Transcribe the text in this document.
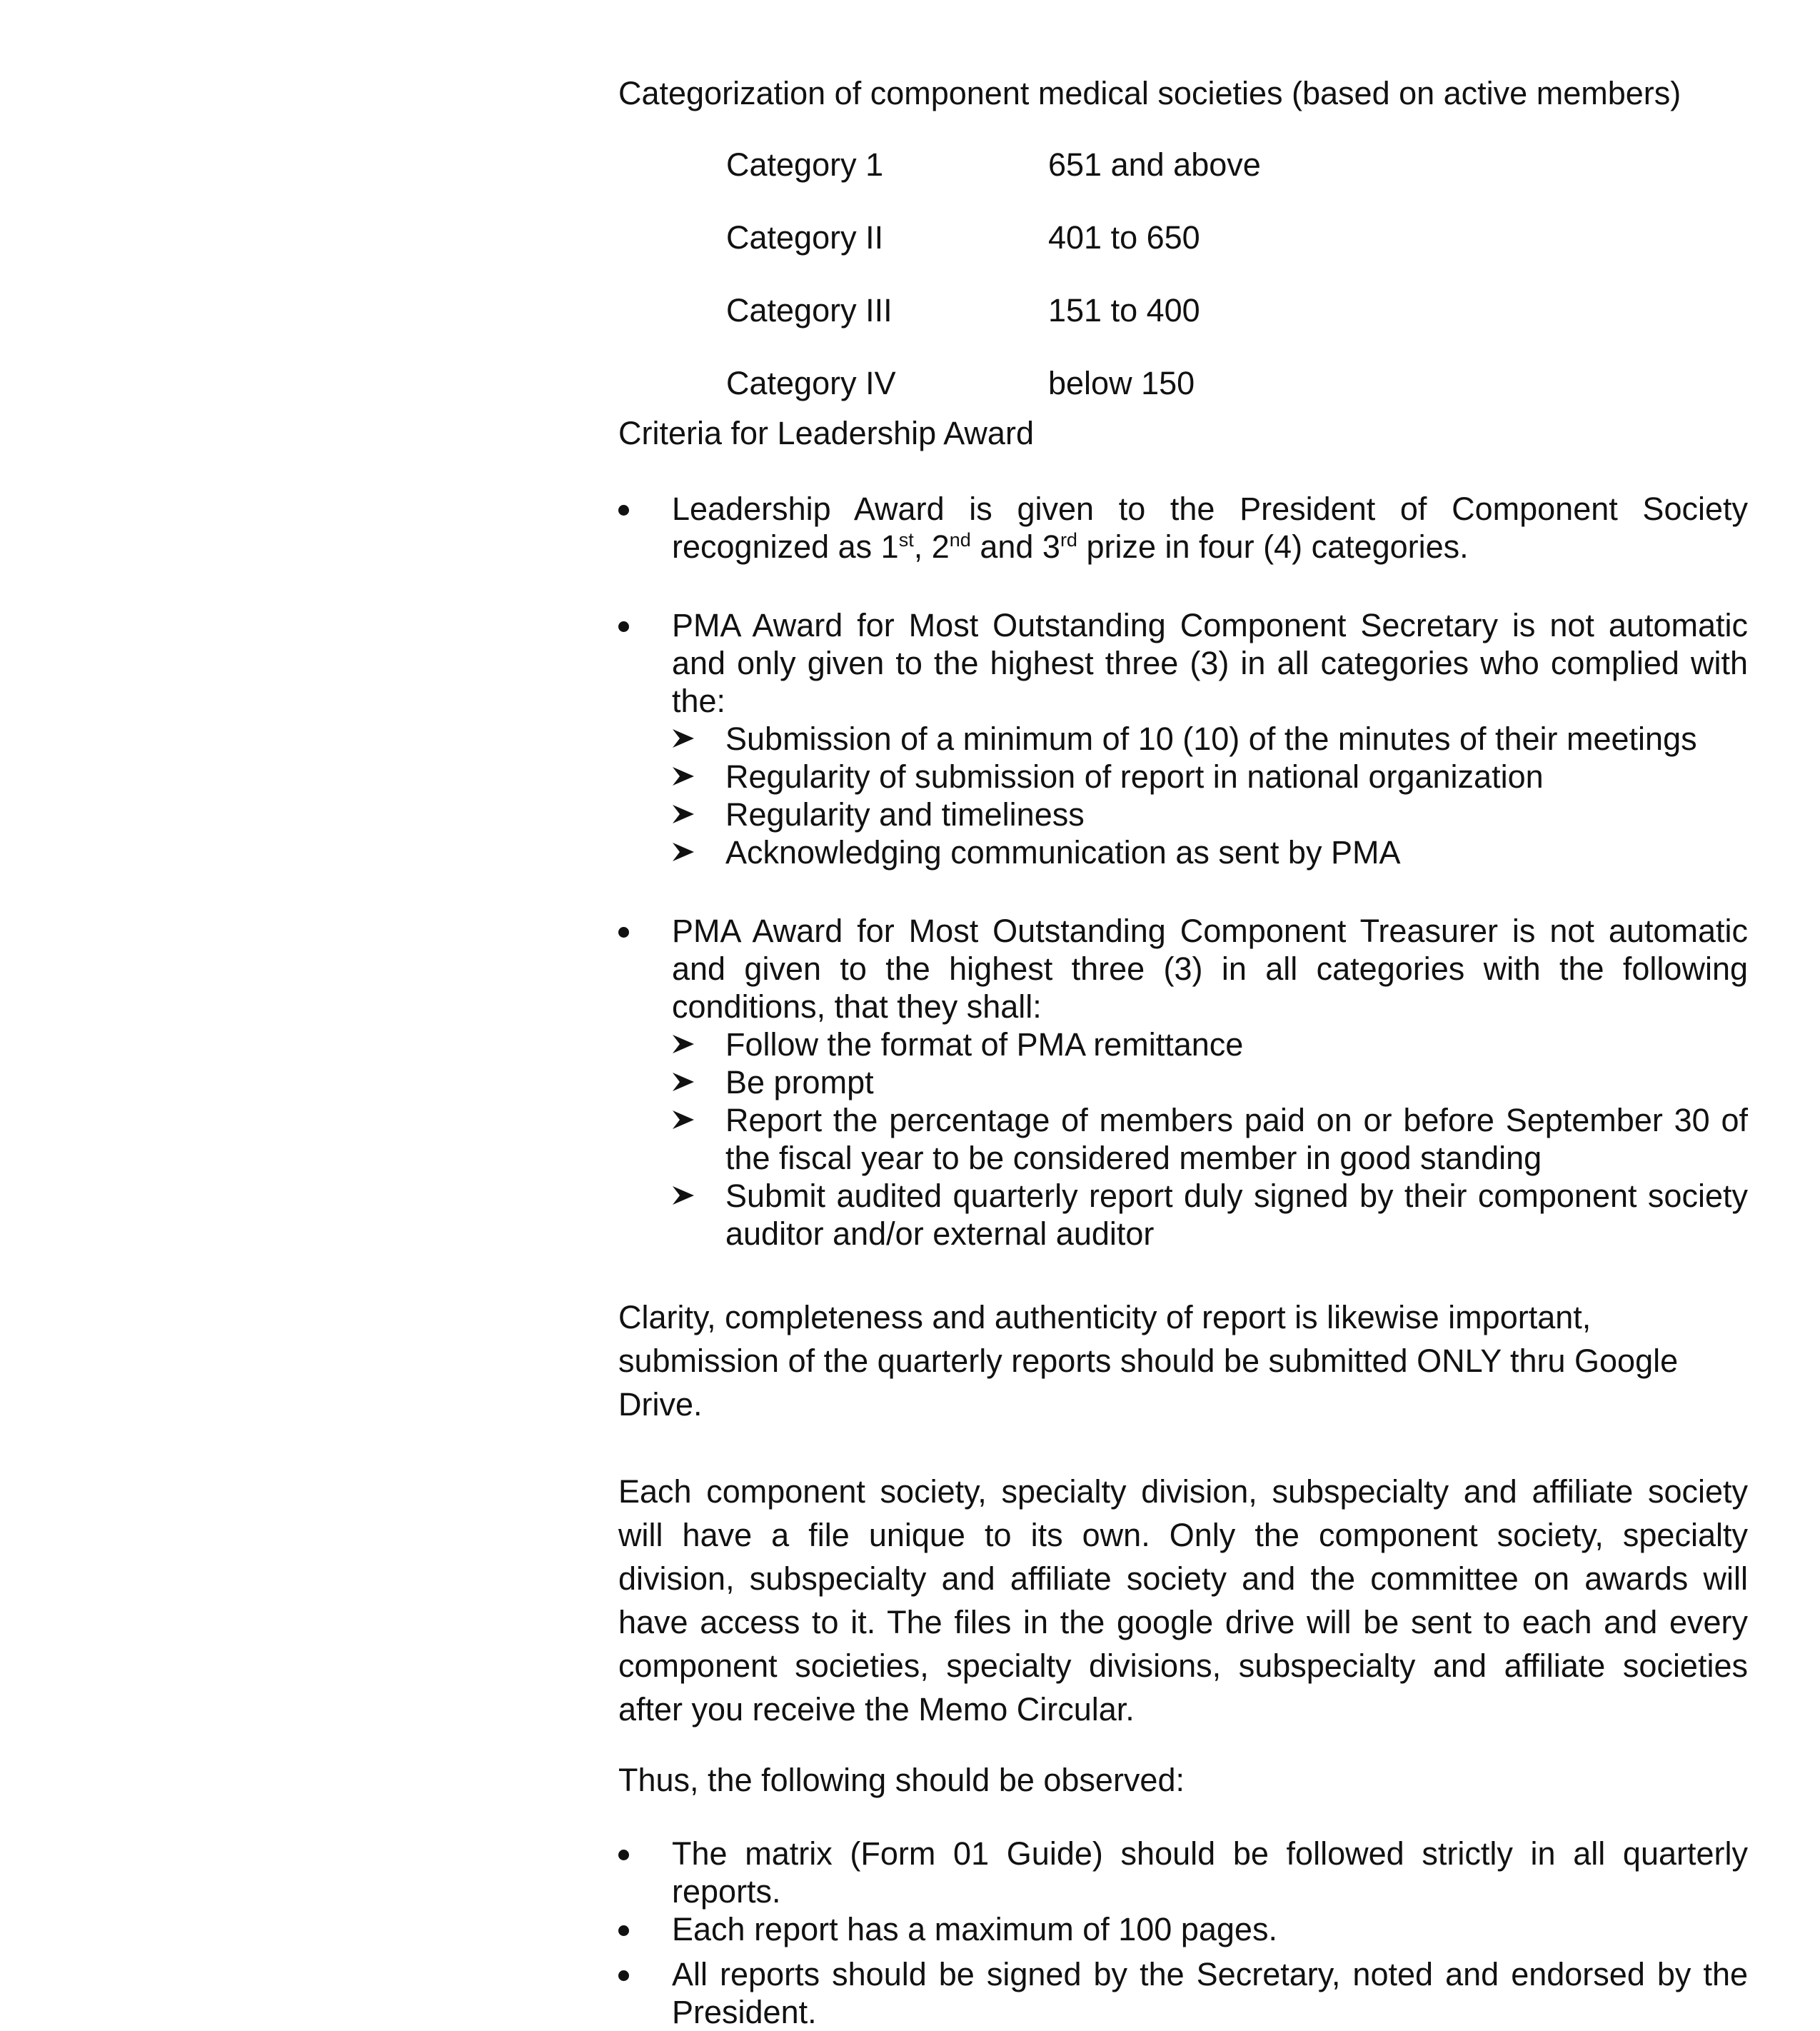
Categorization of component medical societies (based on active members)

Category 1	651 and above
Category II	401 to 650
Category III	151 to 400
Category IV	below 150

Criteria for Leadership Award

Leadership Award is given to the President of Component Society recognized as 1st, 2nd and 3rd prize in four (4) categories.
PMA Award for Most Outstanding Component Secretary is not automatic and only given to the highest three (3) in all categories who complied with the:
Submission of a minimum of 10 (10) of the minutes of their meetings
Regularity of submission of report in national organization
Regularity and timeliness
Acknowledging communication as sent by PMA
PMA Award for Most Outstanding Component Treasurer is not automatic and given to the highest three (3) in all categories with the following conditions, that they shall:
Follow the format of PMA remittance
Be prompt
Report the percentage of members paid on or before September 30 of the fiscal year to be considered member in good standing
Submit audited quarterly report duly signed by their component society auditor and/or external auditor

Clarity, completeness and authenticity of report is likewise important, submission of the quarterly reports should be submitted ONLY thru Google Drive.

Each component society, specialty division, subspecialty and affiliate society will have a file unique to its own. Only the component society, specialty division, subspecialty and affiliate society and the committee on awards will have access to it. The files in the google drive will be sent to each and every component societies, specialty divisions, subspecialty and affiliate societies after you receive the Memo Circular.

Thus, the following should be observed:

The matrix (Form 01 Guide) should be followed strictly in all quarterly reports.
Each report has a maximum of 100 pages.
All reports should be signed by the Secretary, noted and endorsed by the President.
